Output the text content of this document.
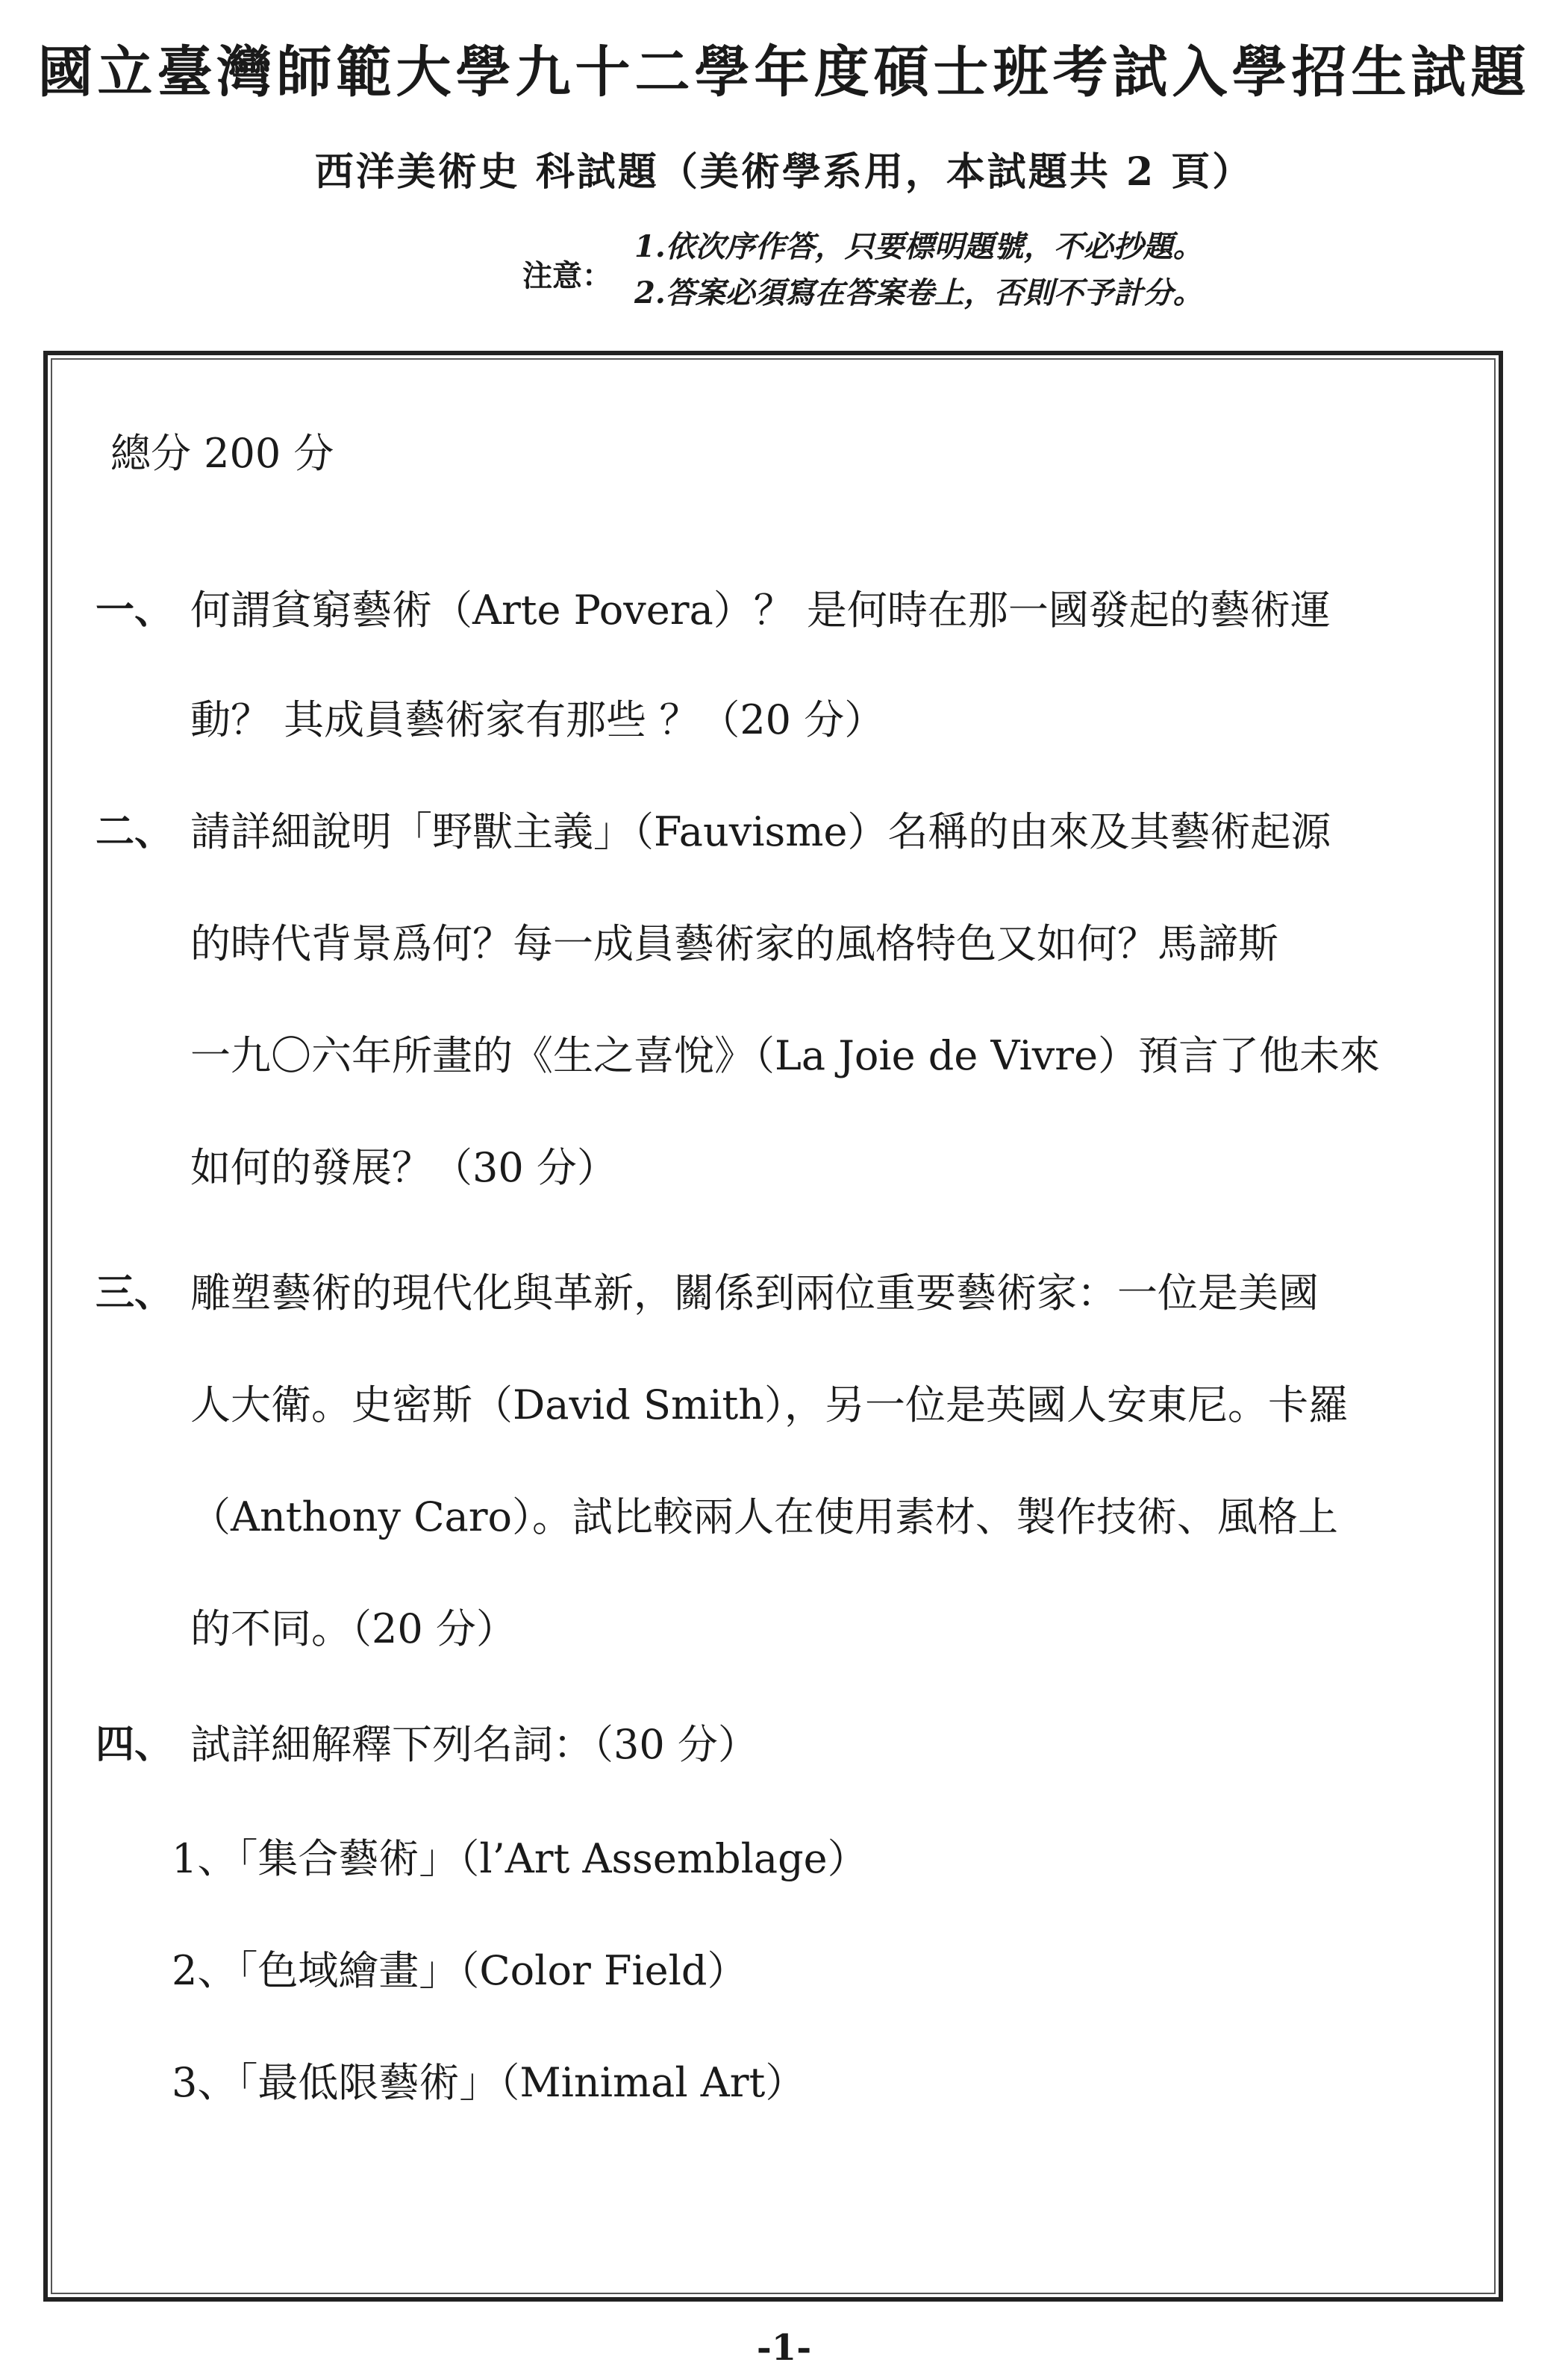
國立臺灣師範大學九十二學年度碩士班考試入學招生試題
西洋美術史 科試題（美術學系用，本試題共 2 頁）
注意：
1.依次序作答，只要標明題號，不必抄題。
2.答案必須寫在答案卷上，否則不予計分。
總分 200 分
一、 何謂貧窮藝術（Arte Povera）？ 是何時在那一國發起的藝術運
動？ 其成員藝術家有那些 ？（20 分）
二、 請詳細說明「野獸主義」（Fauvisme）名稱的由來及其藝術起源
的時代背景爲何？每一成員藝術家的風格特色又如何？馬諦斯
一九〇六年所畫的《生之喜悅》（La Joie de Vivre）預言了他未來
如何的發展？（30 分）
三、 雕塑藝術的現代化與革新，關係到兩位重要藝術家：一位是美國
人大衛。史密斯（David Smith），另一位是英國人安東尼。卡羅
（Anthony Caro）。試比較兩人在使用素材、製作技術、風格上
的不同。（20 分）
四、 試詳細解釋下列名詞：（30 分）
1、「集合藝術」（l’Art Assemblage）
2、「色域繪畫」（Color Field）
3、「最低限藝術」（Minimal Art）
-1-
